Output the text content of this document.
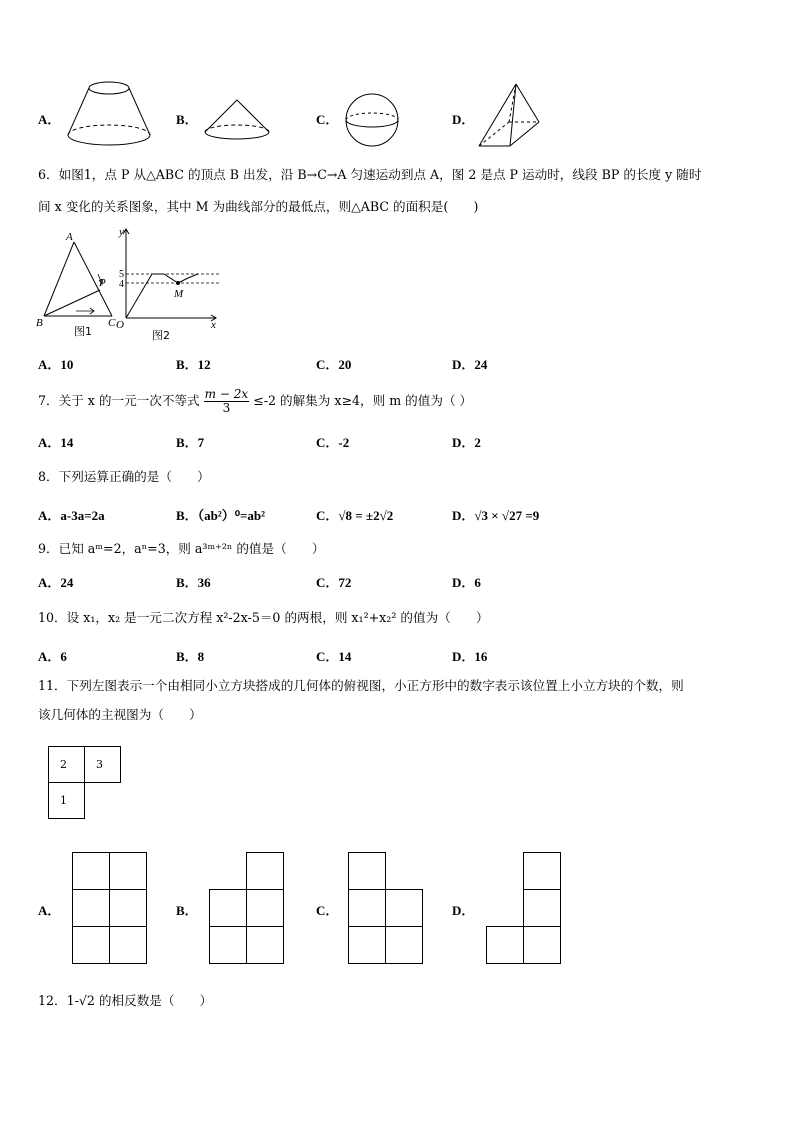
A．	B．	C．	D．
6．如图1，点 P 从△ABC 的顶点 B 出发，沿 B→C→A 匀速运动到点 A，图 2 是点 P 运动时，线段 BP 的长度 y 随时
间 x 变化的关系图象，其中 M 为曲线部分的最低点，则△ABC 的面积是(　　)
A
B	C
P
图1
y
x
O
5
4
M
图2
A．10	B．12	C．20	D．24
7．关于 x 的一元一次不等式 $\frac{m - 2x}{3} \le-2$ 的解集为 x≥4，则 m 的值为（ ）
A．14	B．7	C．-2	D．2
8．下列运算正确的是（　　）
A．a-3a=2a	B．（ab²）⁰=ab²	C．√8 = ±2√2	D．√3 × √27 =9
9．已知 aᵐ=2，aⁿ=3，则 a³ᵐ⁺²ⁿ 的值是（　　）
A．24	B．36	C．72	D．6
10．设 x₁，x₂ 是一元二次方程 x²-2x-5＝0 的两根，则 x₁²+x₂² 的值为（　　）
A．6	B．8	C．14	D．16
11．下列左图表示一个由相同小立方块搭成的几何体的俯视图，小正方形中的数字表示该位置上小立方块的个数，则
该几何体的主视图为（　　）
2	3
1
A．	B．	C．	D．
12．1-√2 的相反数是（　　）
